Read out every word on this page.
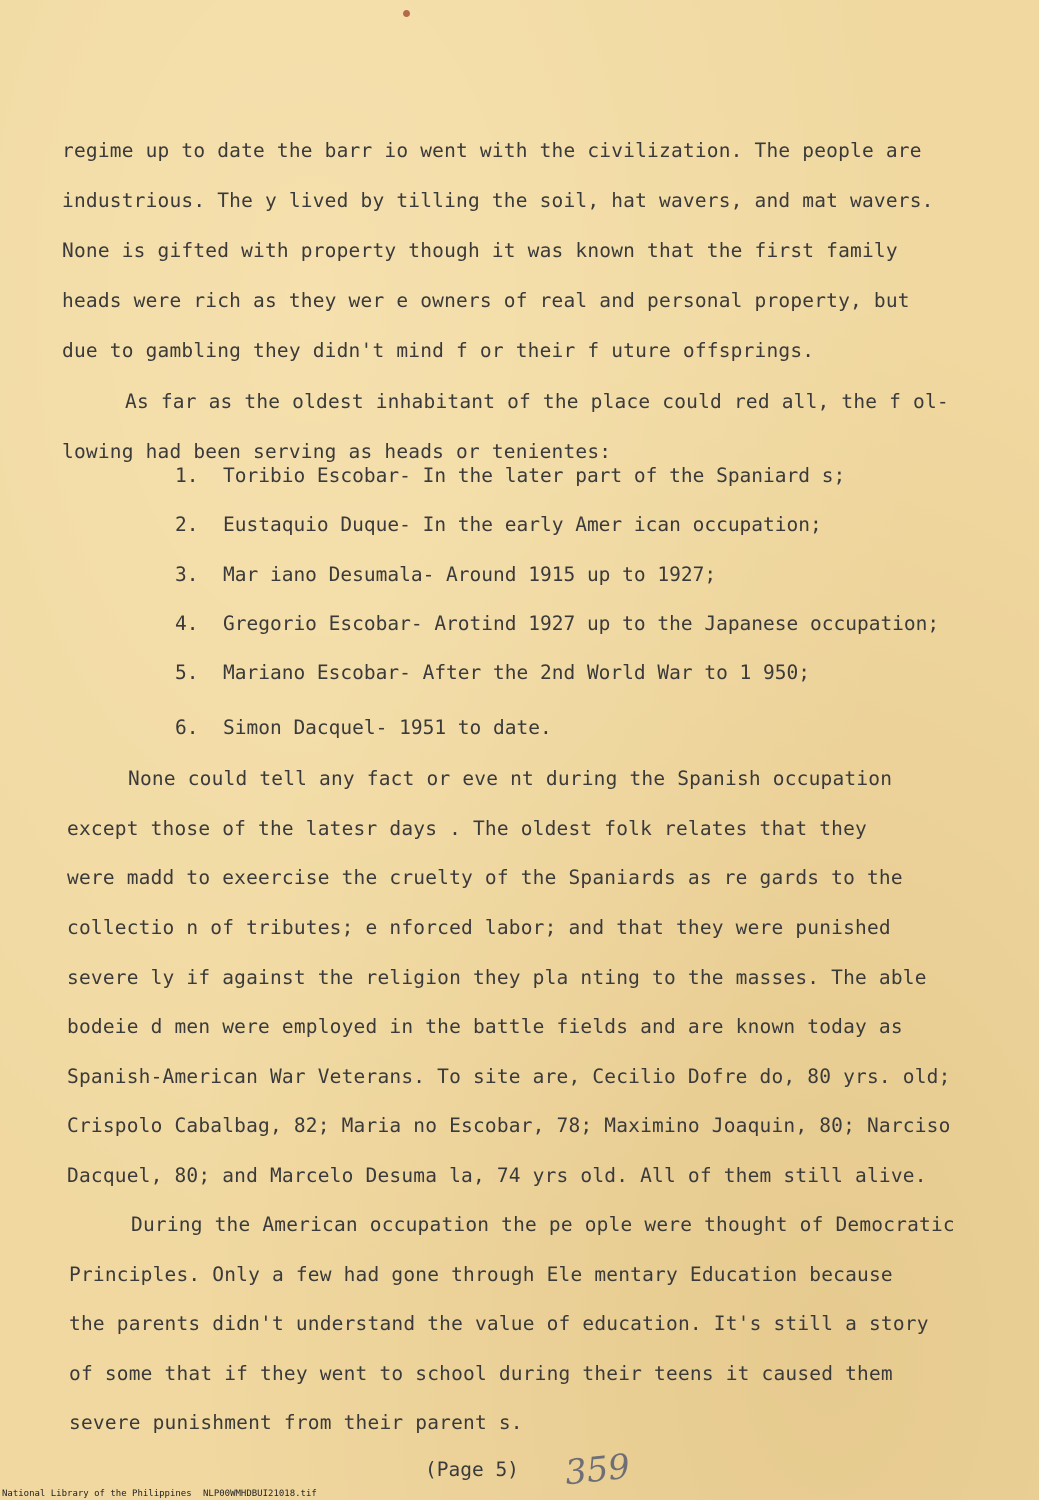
regime up to date the barr io went with the civilization. The people are
industrious. The y lived by tilling the soil, hat wavers, and mat wavers.
None is gifted with property though it was known that the first family
heads were rich as they wer e owners of real and personal property, but
due to gambling they didn't mind f or their f uture offsprings.
As far as the oldest inhabitant of the place could red all, the f ol-
lowing had been serving as heads or tenientes:
1. Toribio Escobar- In the later part of the Spaniard s;
2. Eustaquio Duque- In the early Amer ican occupation;
3. Mar iano Desumala- Around 1915 up to 1927;
4. Gregorio Escobar- Arotind 1927 up to the Japanese occupation;
5. Mariano Escobar- After the 2nd World War to 1 950;
6. Simon Dacquel- 1951 to date.
None could tell any fact or eve nt during the Spanish occupation
except those of the latesr days . The oldest folk relates that they
were madd to exeercise the cruelty of the Spaniards as re gards to the
collectio n of tributes; e nforced labor; and that they were punished
severe ly if against the religion they pla nting to the masses. The able
bodeie d men were employed in the battle fields and are known today as
Spanish-American War Veterans. To site are, Cecilio Dofre do, 80 yrs. old;
Crispolo Cabalbag, 82; Maria no Escobar, 78; Maximino Joaquin, 80; Narciso
Dacquel, 80; and Marcelo Desuma la, 74 yrs old. All of them still alive.
During the American occupation the pe ople were thought of Democratic
Principles. Only a few had gone through Ele mentary Education because
the parents didn't understand the value of education. It's still a story
of some that if they went to school during their teens it caused them
severe punishment from their parent s.
(Page 5) 359
National Library of the Philippines NLP00WMHDBUI21018.tif
